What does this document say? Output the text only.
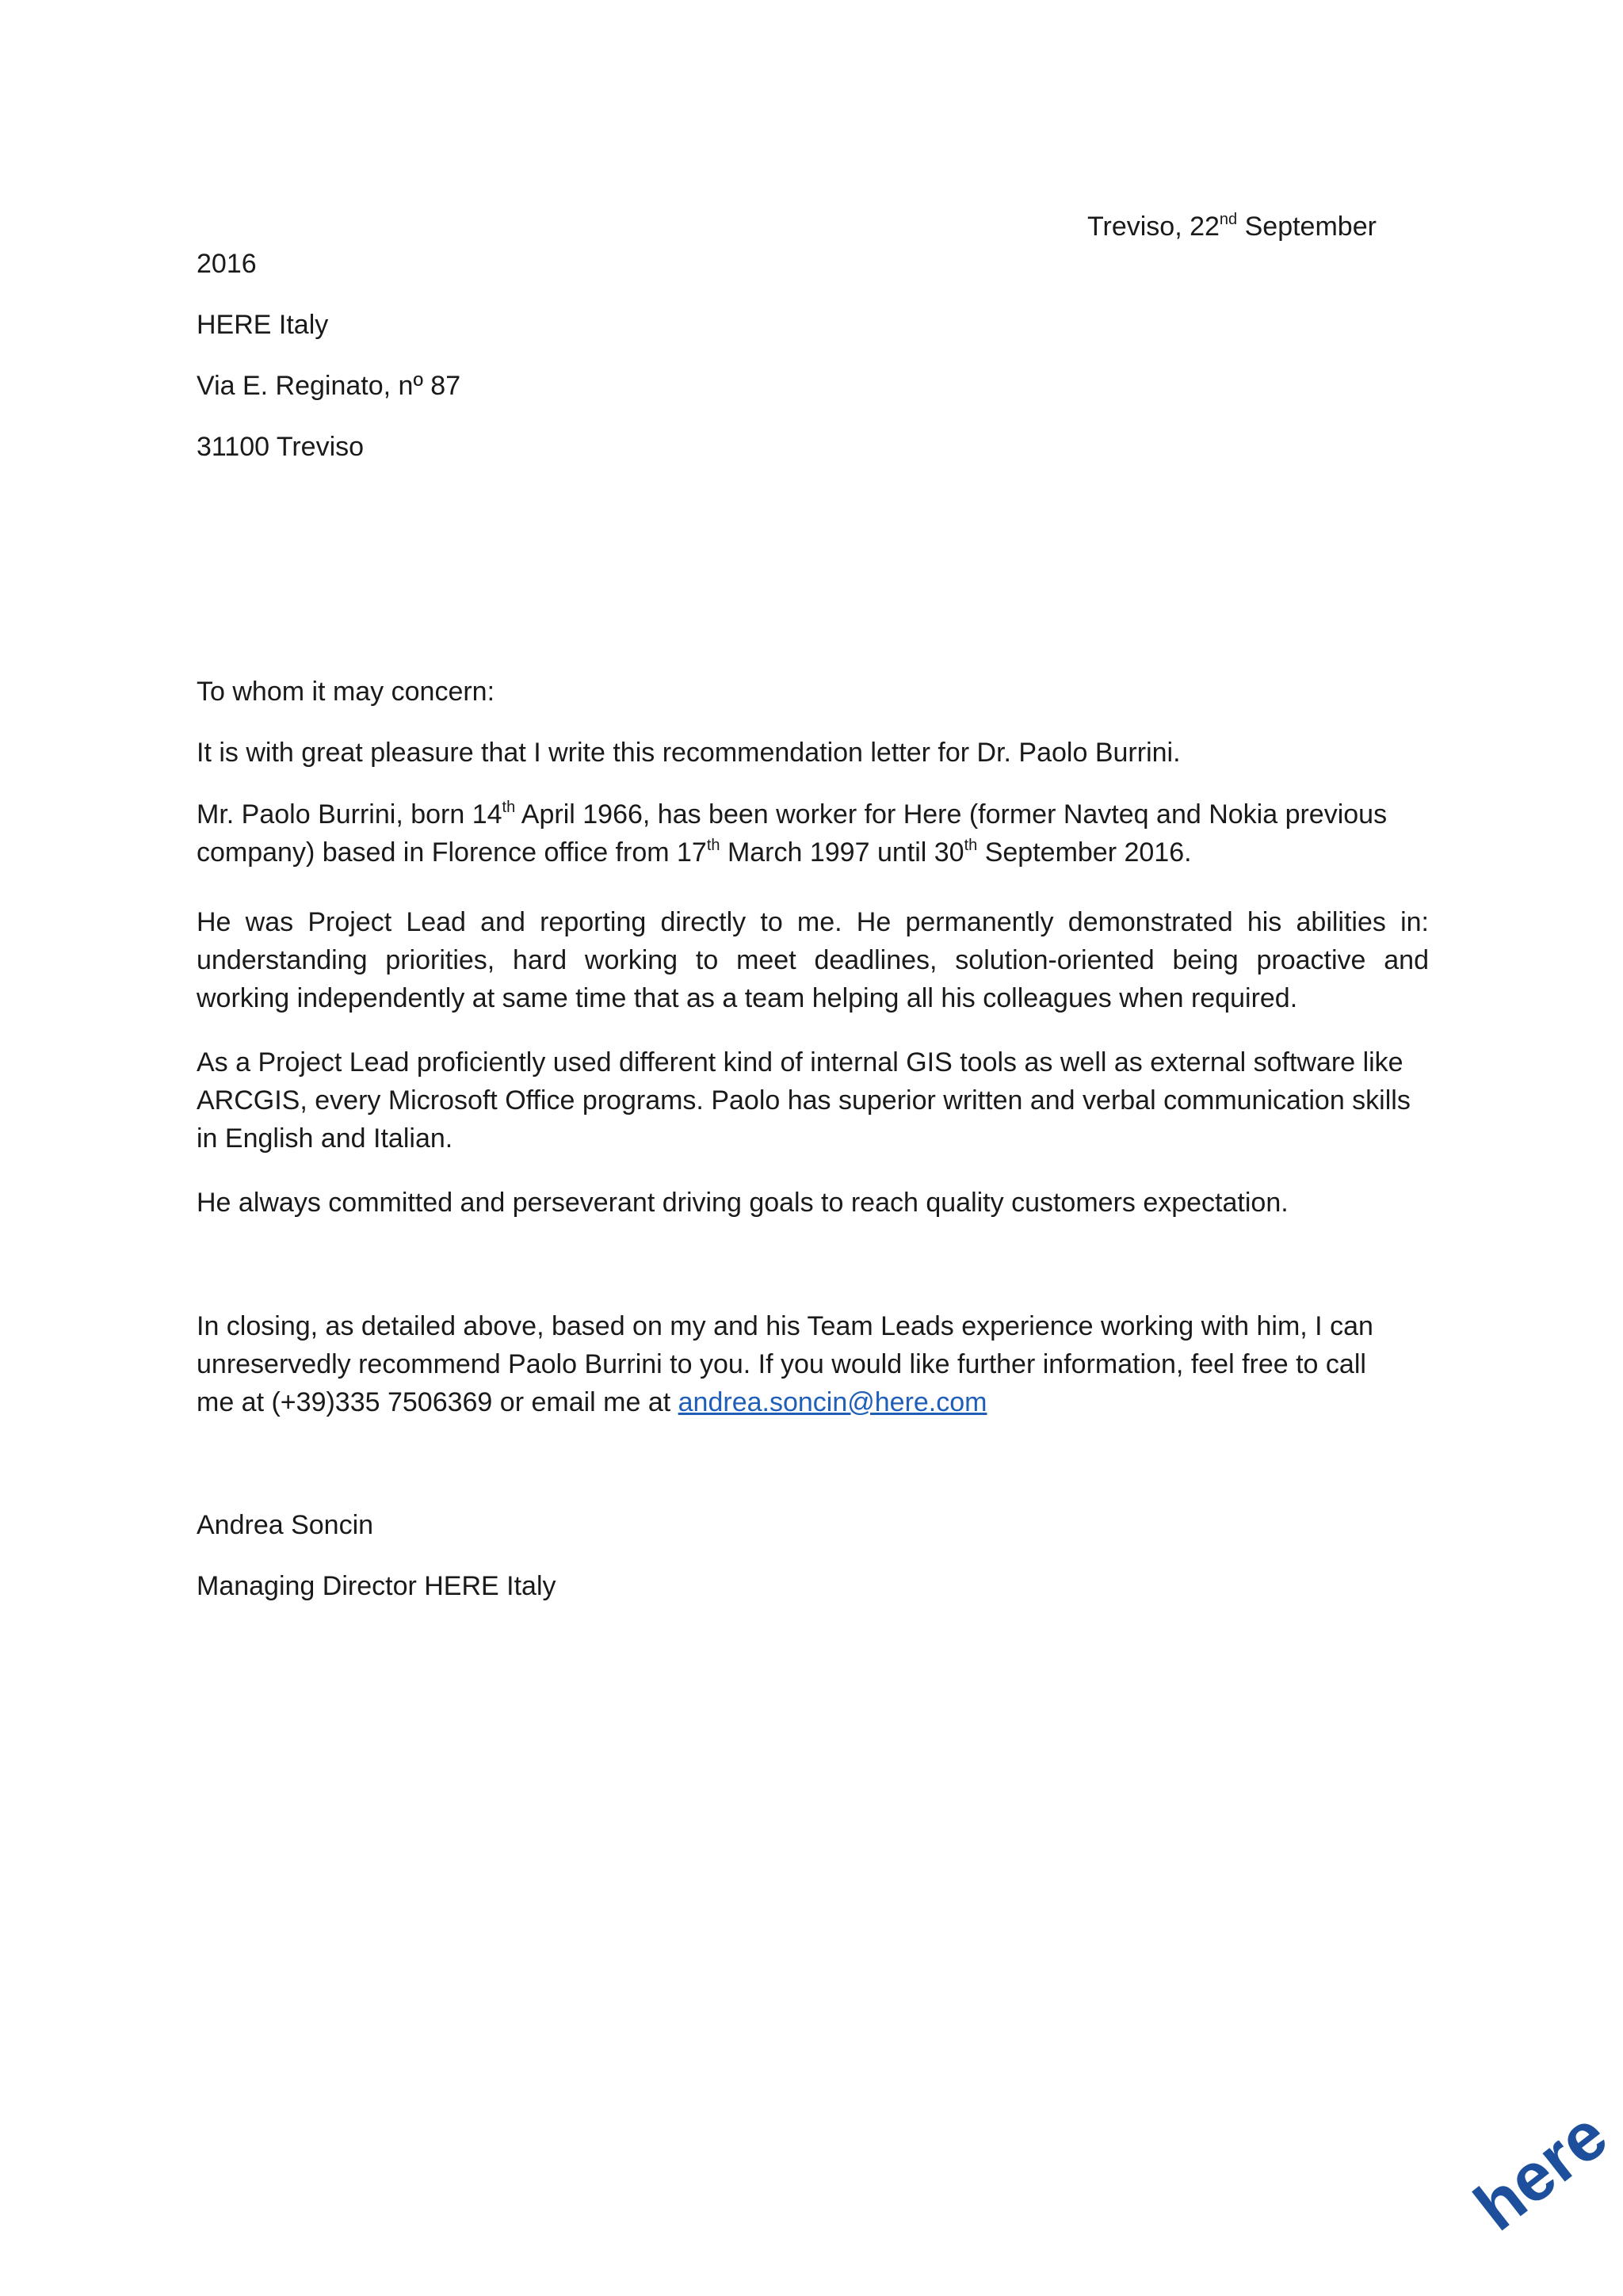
Treviso, 22nd September
2016
HERE Italy
Via E. Reginato, nº 87
31100 Treviso
To whom it may concern:
It is with great pleasure that I write this recommendation letter for Dr. Paolo Burrini.
Mr. Paolo Burrini, born 14th April 1966, has been worker for Here (former Navteq and Nokia previous
company) based in Florence office from 17th March 1997 until 30th September 2016.
He was Project Lead and reporting directly to me. He permanently demonstrated his abilities in:
understanding priorities, hard working to meet deadlines, solution-oriented being proactive and
working independently at same time that as a team helping all his colleagues when required.
As a Project Lead proficiently used different kind of internal GIS tools as well as external software like
ARCGIS, every Microsoft Office programs. Paolo has superior written and verbal communication skills
in English and Italian.
He always committed and perseverant driving goals to reach quality customers expectation.
In closing, as detailed above, based on my and his Team Leads experience working with him, I can
unreservedly recommend Paolo Burrini to you. If you would like further information, feel free to call
me at (+39)335 7506369 or email me at andrea.soncin@here.com
Andrea Soncin
Managing Director HERE Italy
here
